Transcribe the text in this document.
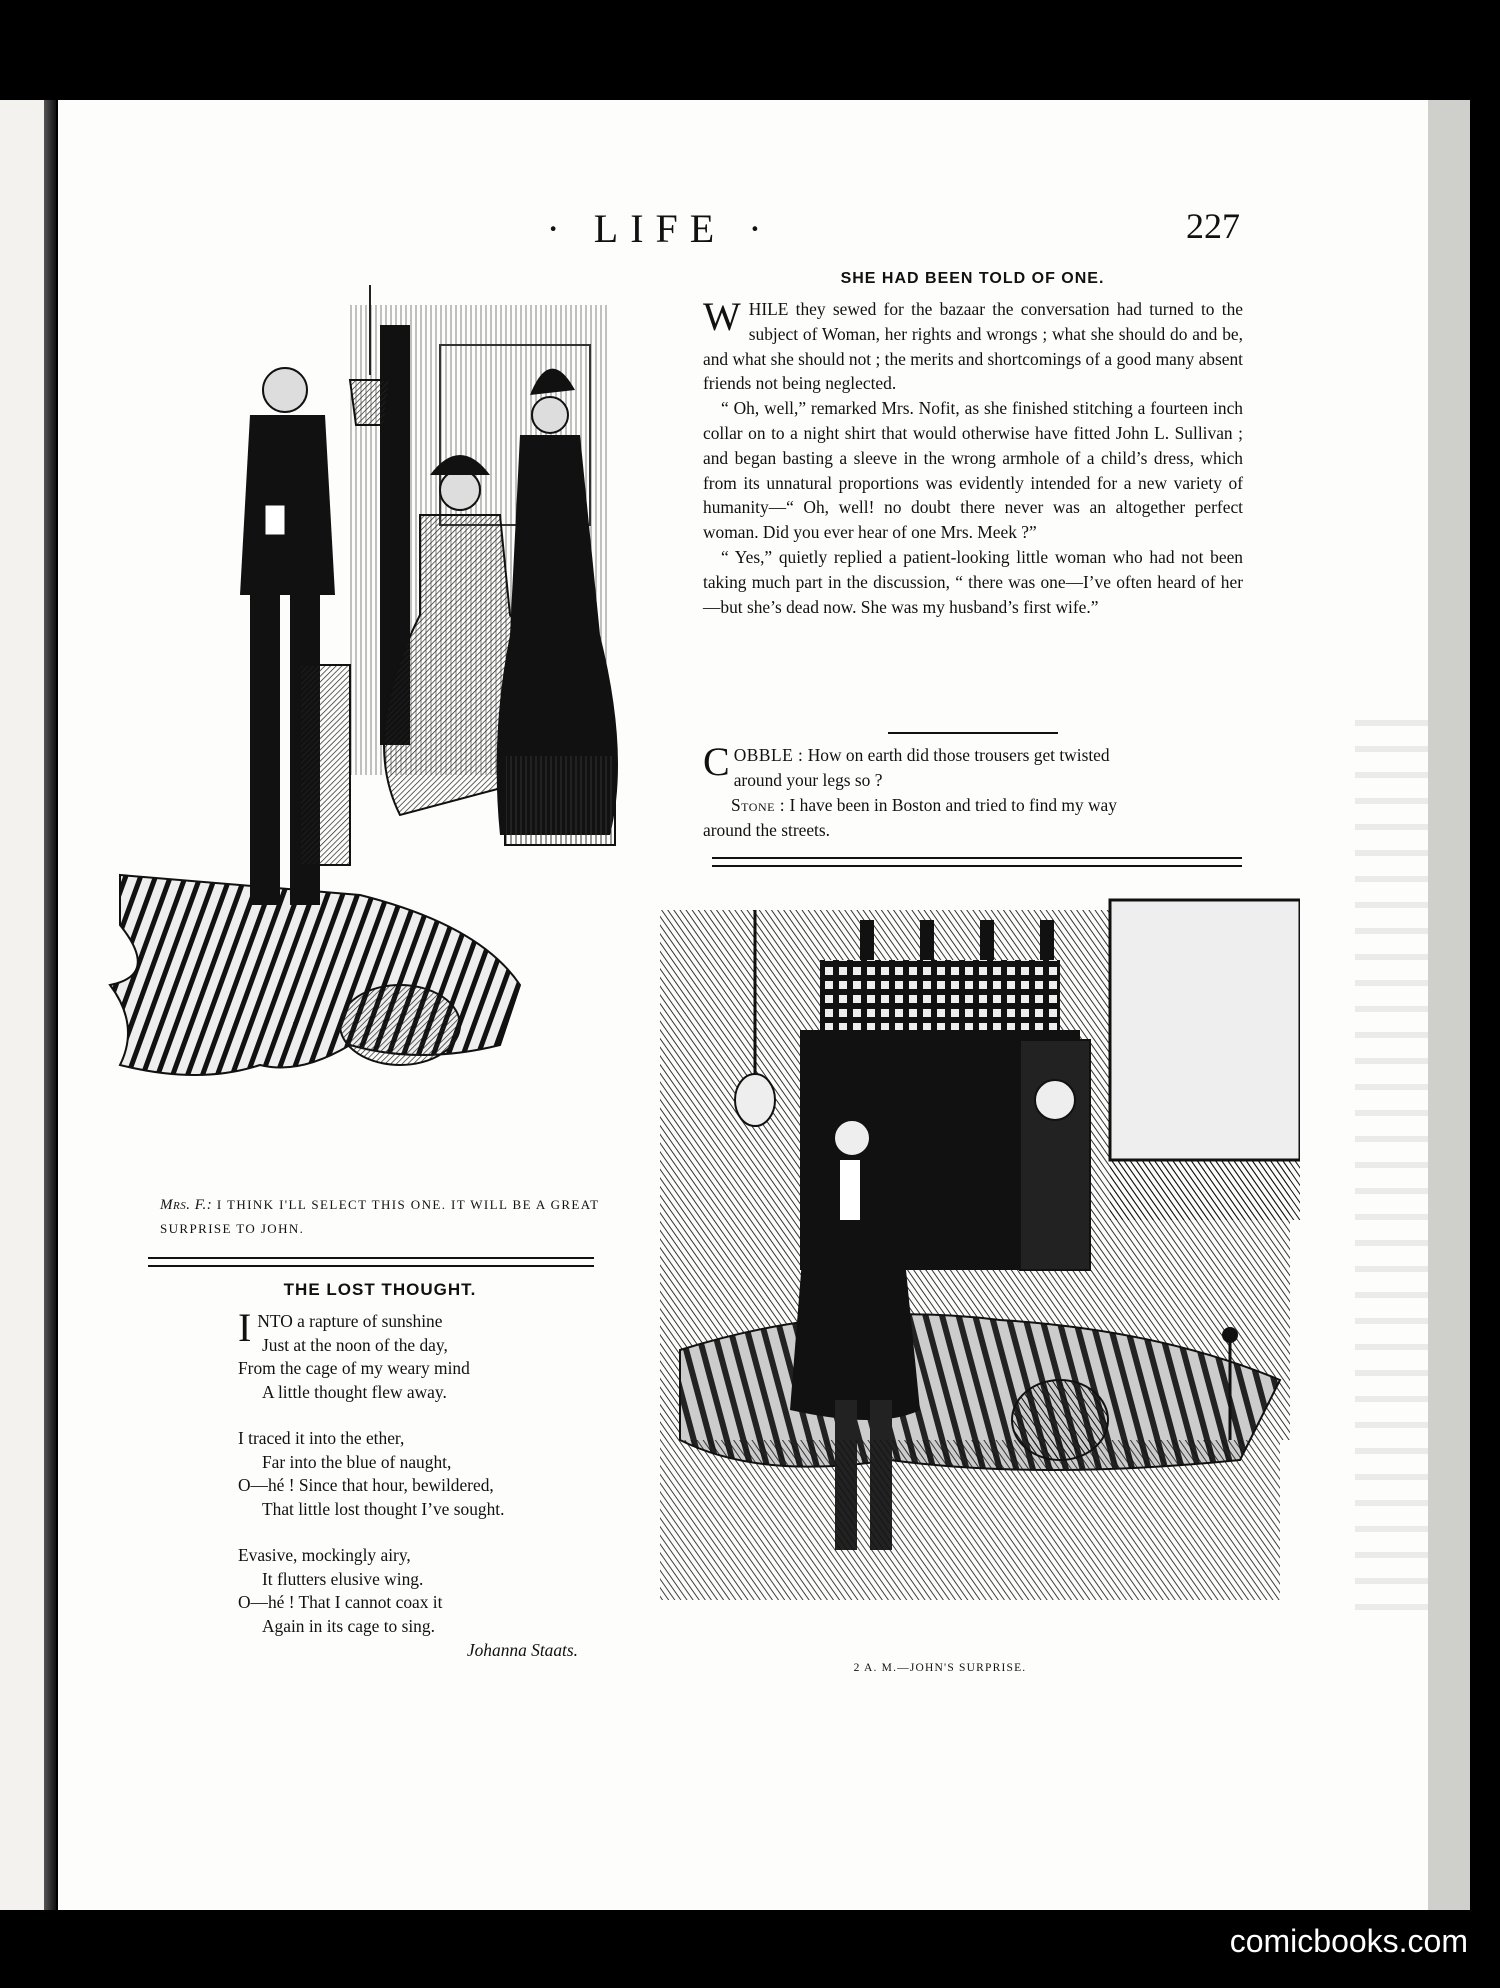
· LIFE ·	227
Mrs. F.: I THINK I'LL SELECT THIS ONE. IT WILL BE A GREAT SURPRISE TO JOHN.
THE LOST THOUGHT.
I NTO a rapture of sunshine
Just at the noon of the day,
From the cage of my weary mind
A little thought flew away.
I traced it into the ether,
Far into the blue of naught,
O—hé ! Since that hour, bewildered,
That little lost thought I’ve sought.
Evasive, mockingly airy,
It flutters elusive wing.
O—hé ! That I cannot coax it
Again in its cage to sing.
Johanna Staats.
SHE HAD BEEN TOLD OF ONE.

WHILE they sewed for the bazaar the conversation had turned to the subject of Woman, her rights and wrongs ; what she should do and be, and what she should not ; the merits and shortcomings of a good many absent friends not being neglected.

“ Oh, well,” remarked Mrs. Nofit, as she finished stitching a fourteen inch collar on to a night shirt that would otherwise have fitted John L. Sullivan ; and began basting a sleeve in the wrong armhole of a child’s dress, which from its unnatural proportions was evidently intended for a new variety of humanity—“ Oh, well! no doubt there never was an altogether perfect woman. Did you ever hear of one Mrs. Meek ?”

“ Yes,” quietly replied a patient-looking little woman who had not been taking much part in the discussion, “ there was one—I’ve often heard of her—but she’s dead now. She was my husband’s first wife.”

COBBLE : How on earth did those trousers get twisted

around your legs so ?

Stone : I have been in Boston and tried to find my way

around the streets.

2 A. M.—JOHN'S SURPRISE.
comicbooks.com
